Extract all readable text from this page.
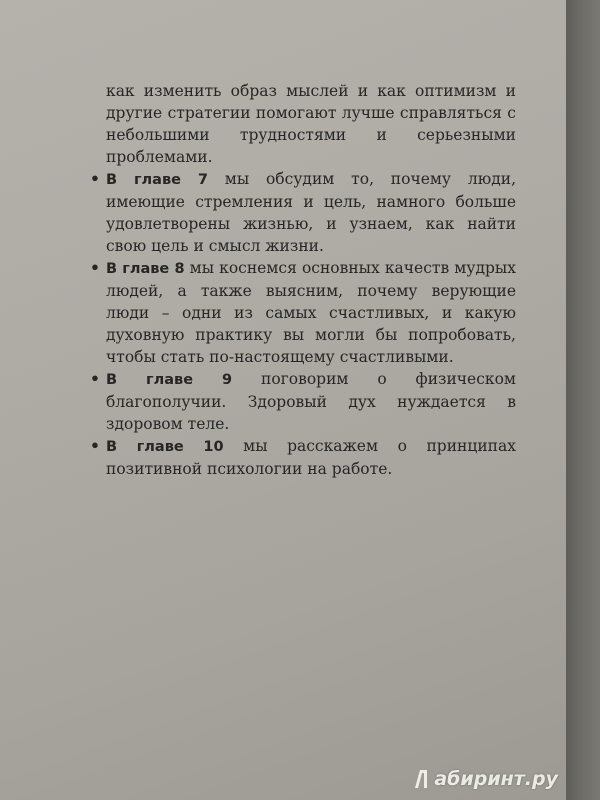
как изменить образ мыслей и как оптимизм и другие стратегии помогают лучше справляться с небольшими трудностями и серьезными проблемами.

• В главе 7 мы обсудим то, почему люди, имеющие стремления и цель, намного больше удовлетворены жизнью, и узнаем, как найти свою цель и смысл жизни.
• В главе 8 мы коснемся основных качеств мудрых людей, а также выясним, почему верующие люди – одни из самых счастливых, и какую духовную практику вы могли бы попробовать, чтобы стать по-настоящему счастливыми.
• В главе 9 поговорим о физическом благополучии. Здоровый дух нуждается в здоровом теле.
• В главе 10 мы расскажем о принципах позитивной психологии на работе.
абиринт.ру
